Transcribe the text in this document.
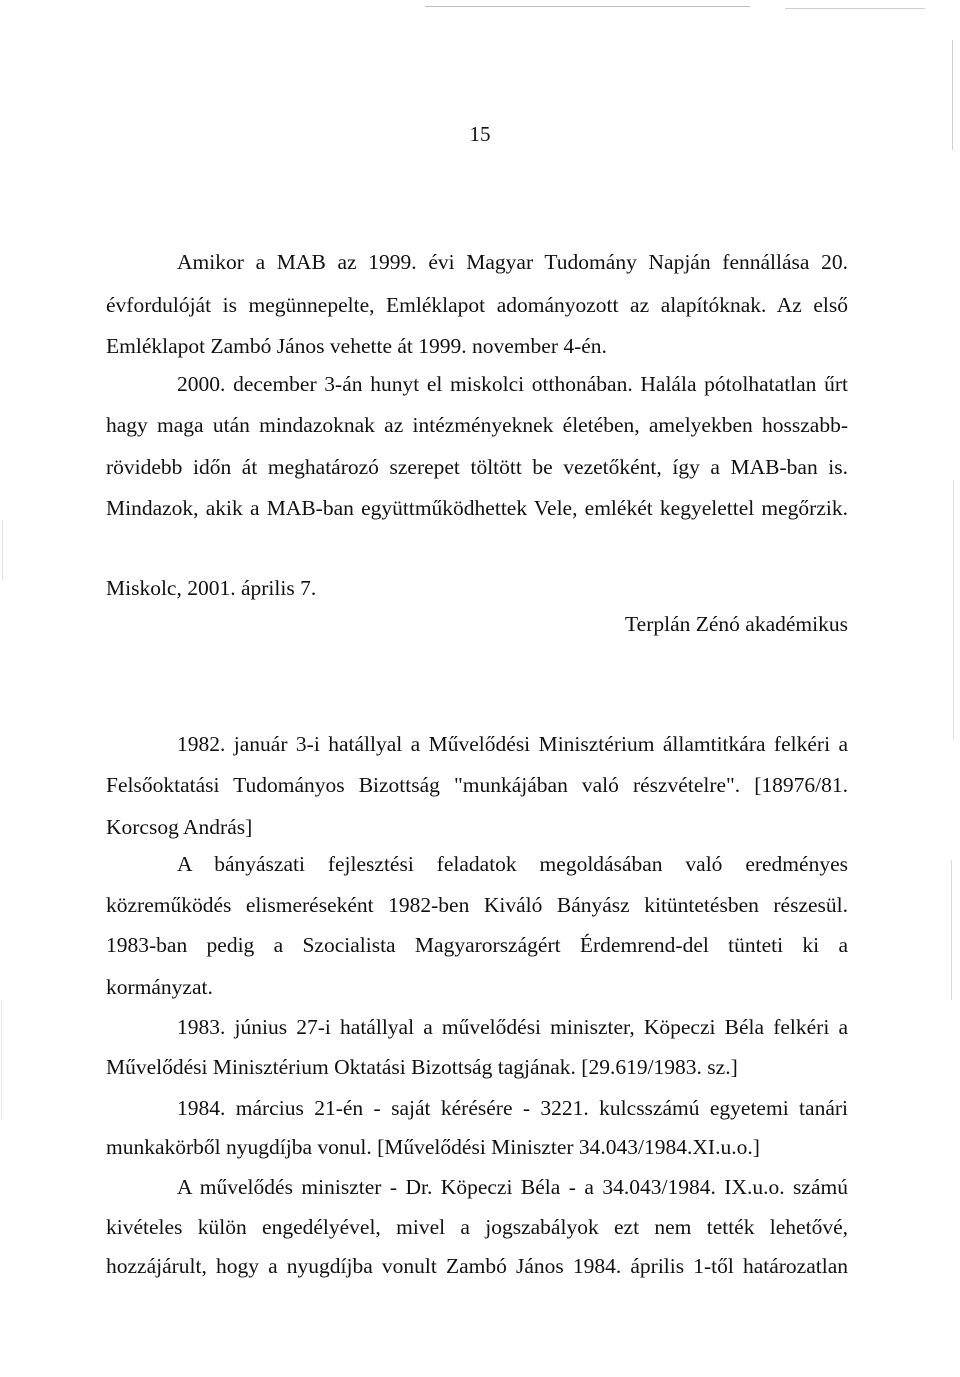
15
Amikor a MAB az 1999. évi Magyar Tudomány Napján fennállása 20.
évfordulóját is megünnepelte, Emléklapot adományozott az alapítóknak. Az első
Emléklapot Zambó János vehette át 1999. november 4-én.
2000. december 3-án hunyt el miskolci otthonában. Halála pótolhatatlan űrt
hagy maga után mindazoknak az intézményeknek életében, amelyekben hosszabb-
rövidebb időn át meghatározó szerepet töltött be vezetőként, így a MAB-ban is.
Mindazok, akik a MAB-ban együttműködhettek Vele, emlékét kegyelettel megőrzik.
Miskolc, 2001. április 7.
Terplán Zénó akadémikus
1982. január 3-i hatállyal a Művelődési Minisztérium államtitkára felkéri a
Felsőoktatási Tudományos Bizottság "munkájában való részvételre". [18976/81.
Korcsog András]
A bányászati fejlesztési feladatok megoldásában való eredményes
közreműködés elismeréseként 1982-ben Kiváló Bányász kitüntetésben részesül.
1983-ban pedig a Szocialista Magyarországért Érdemrend-del tünteti ki a
kormányzat.
1983. június 27-i hatállyal a művelődési miniszter, Köpeczi Béla felkéri a
Művelődési Minisztérium Oktatási Bizottság tagjának. [29.619/1983. sz.]
1984. március 21-én - saját kérésére - 3221. kulcsszámú egyetemi tanári
munkakörből nyugdíjba vonul. [Művelődési Miniszter 34.043/1984.XI.u.o.]
A művelődés miniszter - Dr. Köpeczi Béla - a 34.043/1984. IX.u.o. számú
kivételes külön engedélyével, mivel a jogszabályok ezt nem tették lehetővé,
hozzájárult, hogy a nyugdíjba vonult Zambó János 1984. április 1-től határozatlan
